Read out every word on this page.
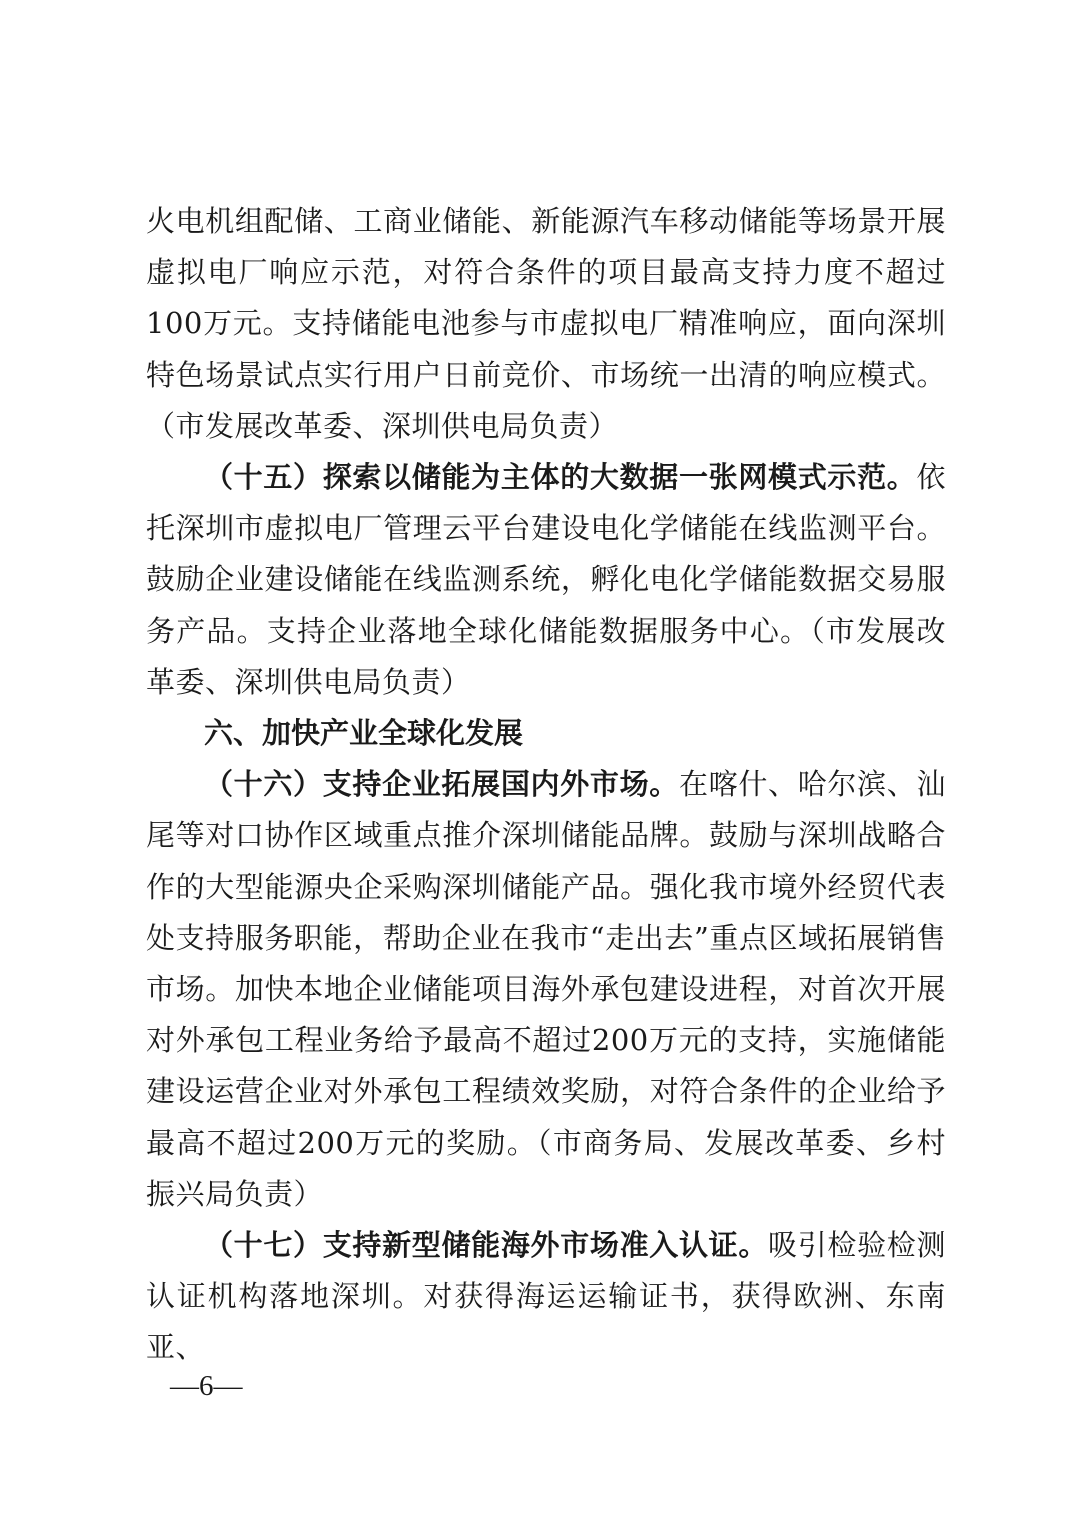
火电机组配储、工商业储能、新能源汽车移动储能等场景开展虚拟电厂响应示范，对符合条件的项目最高支持力度不超过100万元。支持储能电池参与市虚拟电厂精准响应，面向深圳特色场景试点实行用户日前竞价、市场统一出清的响应模式。（市发展改革委、深圳供电局负责）

（十五）探索以储能为主体的大数据一张网模式示范。依托深圳市虚拟电厂管理云平台建设电化学储能在线监测平台。鼓励企业建设储能在线监测系统，孵化电化学储能数据交易服务产品。支持企业落地全球化储能数据服务中心。（市发展改革委、深圳供电局负责）

六、加快产业全球化发展

（十六）支持企业拓展国内外市场。在喀什、哈尔滨、汕尾等对口协作区域重点推介深圳储能品牌。鼓励与深圳战略合作的大型能源央企采购深圳储能产品。强化我市境外经贸代表处支持服务职能，帮助企业在我市“走出去”重点区域拓展销售市场。加快本地企业储能项目海外承包建设进程，对首次开展对外承包工程业务给予最高不超过200万元的支持，实施储能建设运营企业对外承包工程绩效奖励，对符合条件的企业给予最高不超过200万元的奖励。（市商务局、发展改革委、乡村振兴局负责）

（十七）支持新型储能海外市场准入认证。吸引检验检测认证机构落地深圳。对获得海运运输证书，获得欧洲、东南亚、

—6—
